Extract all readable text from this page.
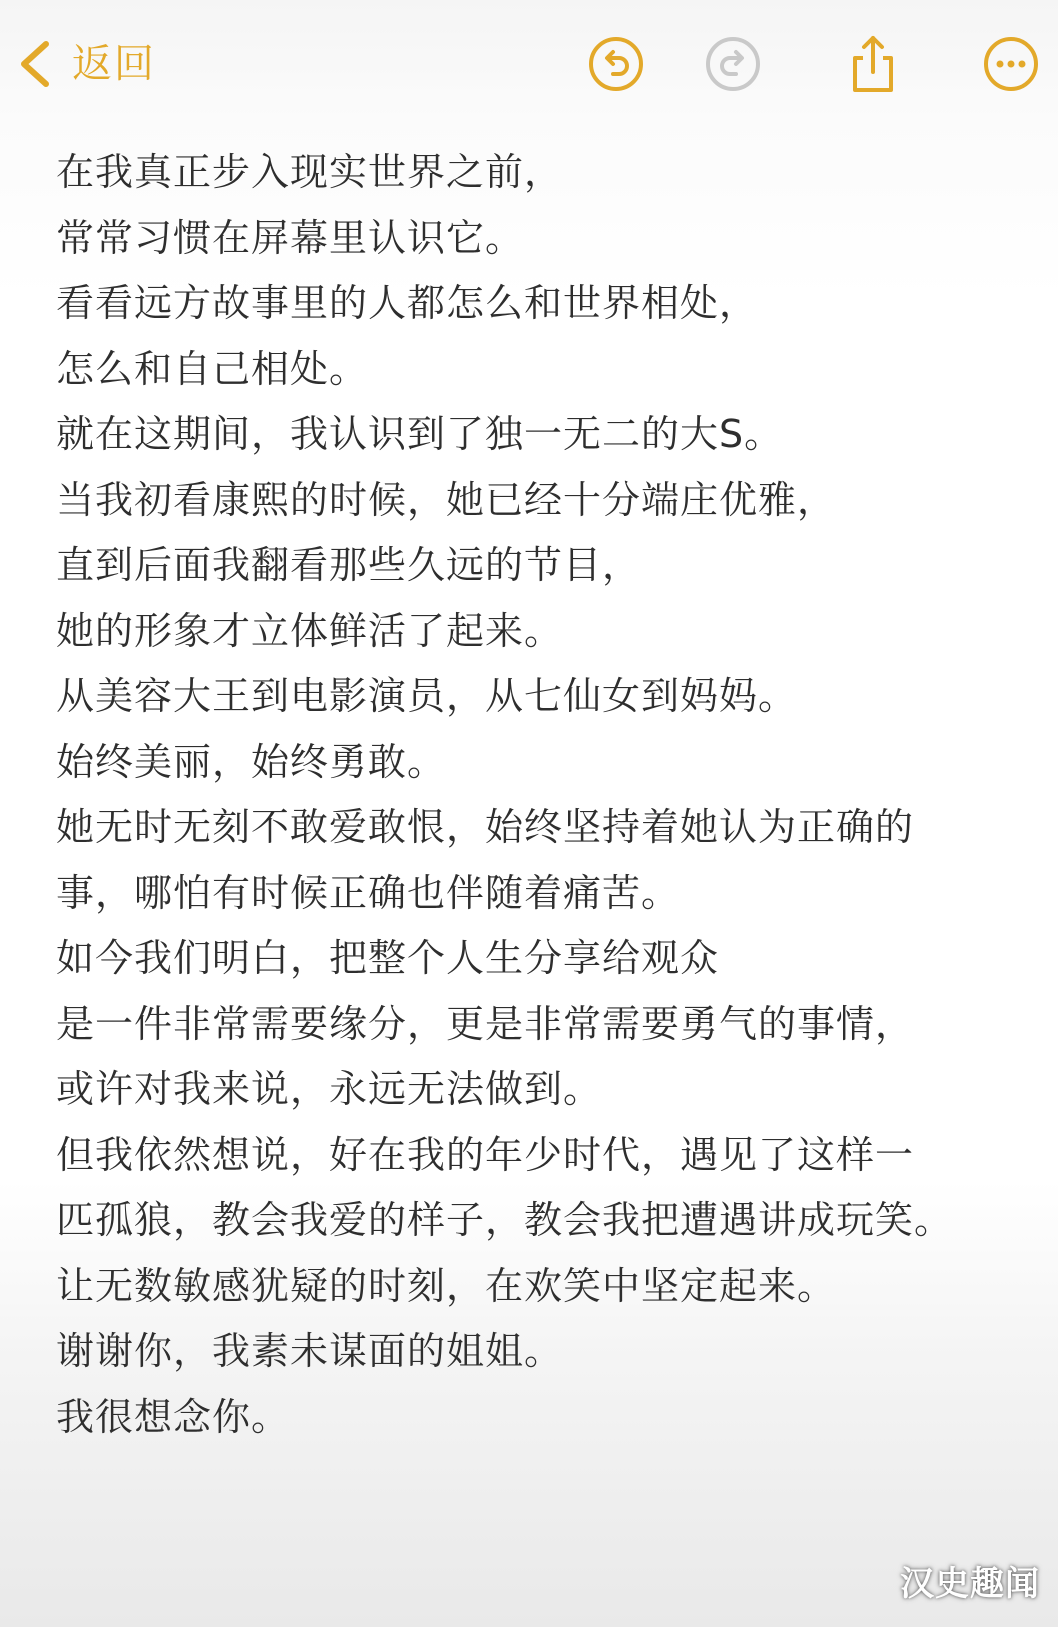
返回
在我真正步入现实世界之前，
常常习惯在屏幕里认识它。
看看远方故事里的人都怎么和世界相处，
怎么和自己相处。
就在这期间，我认识到了独一无二的大S。
当我初看康熙的时候，她已经十分端庄优雅，
直到后面我翻看那些久远的节目，
她的形象才立体鲜活了起来。
从美容大王到电影演员，从七仙女到妈妈。
始终美丽，始终勇敢。
她无时无刻不敢爱敢恨，始终坚持着她认为正确的
事，哪怕有时候正确也伴随着痛苦。
如今我们明白，把整个人生分享给观众
是一件非常需要缘分，更是非常需要勇气的事情，
或许对我来说，永远无法做到。
但我依然想说，好在我的年少时代，遇见了这样一
匹孤狼，教会我爱的样子，教会我把遭遇讲成玩笑。
让无数敏感犹疑的时刻，在欢笑中坚定起来。
谢谢你，我素未谋面的姐姐。
我很想念你。
汉史趣闻
